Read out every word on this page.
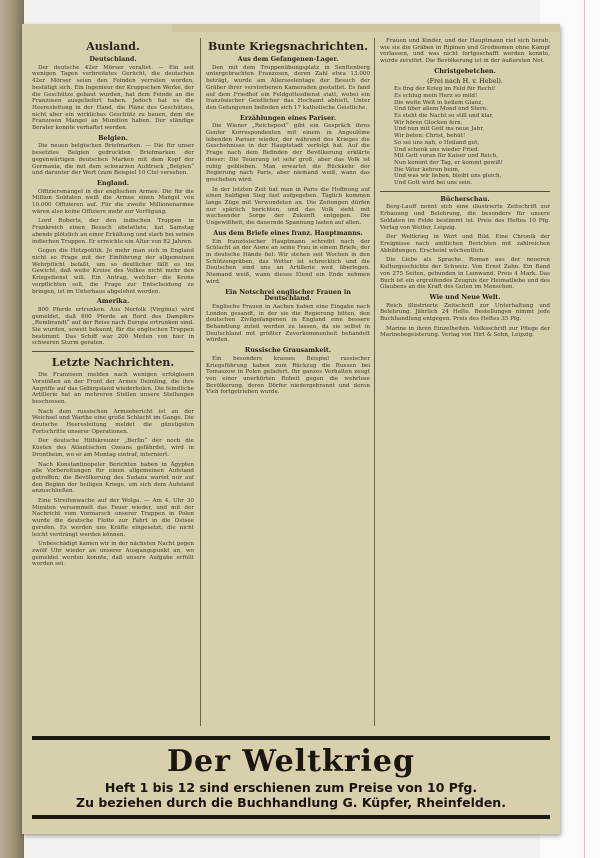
Ausland.
Deutschland.
Der deutsche 42er Mörser veraltet. — Ein seit wenigen Tagen verbreitetes Gerücht, die deutschen 42er Mörser seien den Feinden verraten worden, bestätigt sich. Ein Ingenieur der Kruppschen Werke, der die Geschütze gebaut wurden, hat dem Feinde an die Franzosen ausgeliefert haben. Jedoch hat es die Heeresleitung in der Hand, die Pläne des Geschützes, nicht aber ein wirkliches Geschütz zu bauen, dem die Franzosen Mangel an Munition haben. Der ständige Berater konnte verhaftet werden.
Belgien.
Die neuen belgischen Briefmarken. — Die für unser besetztes Belgien gedruckten Briefmarken der gegenwärtigen deutschen Marken mit dem Kopf der Germania, die mit dem schwarzen Aufdruck „Belgien“ und darunter der Wert (zum Beispiel 10 Cts) versehen.
England.
Offiziersmangel in der englischen Armee. Die für die Million Soldaten weiß die Armee einen Mangel von 10.000 Offizieren auf. Für die zweite Millionenarmee wären also keine Offiziere mehr zur Verfügung.
Lord Roberts, der den indischen Truppen in Frankreich einen Besuch abstattete, hat Samstag abends plötzlich an einer Erkältung und starb bei seinen indischen Truppen. Er erreichte ein Alter von 82 Jahren.
Gegen die Hetzpolitik. Je mehr man sich in England nicht so Frage mit der Einführung der allgemeinen Wehrpflicht befaßt, um so deutlicher fällt es ins Gewicht, daß weite Kreise des Volkes nicht mehr den Kriegsdienst will. Ein Antrag, welcher die Krone verpflichten soll, die Frage zur Entscheidung zu bringen, ist im Unterhaus abgelehnt worden.
Amerika.
800 Pferde ertrunken. Aus Norfolk (Virginia) wird gemeldet, daß 800 Pferde an Bord des Dampfers „Rembrandt“ auf der Reise nach Europa ertrunken sind. Sie wurden, soweit bekannt, für die englischen Truppen bestimmt. Das Schiff war 200 Meilen von hier in schweren Sturm geraten.
Letzte Nachrichten.
Die Franzosen melden nach wenigen erfolglosen Vorstößen an der Front der Armee Deimling, die ihre Angriffe auf das Gebirgsland wiederholen. Die feindliche Artillerie hat an mehreren Stellen unsere Stellungen beschossen.
Nach dem russischen Armeebericht ist an der Weichsel und Warthe eine große Schlacht im Gange. Die deutsche Heeresleitung meldet die günstigsten Fortschritte unserer Operationen.
Der deutsche Hilfskreuzer „Berlin“ der noch die Küsten des Atlantischen Ozeans gefährdet, wird in Drontheim, wo er am Montag eintraf, interniert.
Nach Konstantinopeler Berichten haben in Ägypten alle Vorbereitungen für einen allgemeinen Aufstand getroffen; die Bevölkerung des Sudans wartet nur auf den Beginn der heiligen Kriege, um sich dem Aufstand anzuschließen.
Eine Streifenwache auf der Wolga. — Am 4. Uhr 30 Minuten versammelt das Feuer wieder, und mit der Nachricht vom Vormarsch unserer Truppen in Polen wurde die deutsche Flotte zur Fahrt in die Ostsee gerufen. Es werden uns Kräfte eingesetzt, die nicht leicht verdrängt werden können.
Unbeschädigt kamen wir in der nächsten Nacht gegen zwölf Uhr wieder an unserer Ausgangspunkt an, wo gemeldet werden konnte, daß unsere Aufgabe erfüllt worden sei.
Bunte Kriegsnachrichten.
Aus dem Gefangenen-Lager.
Den mit dem Truppenübungsplatz in Senftenberg untergebrachten Franzosen, deren Zahl etwa 13.000 beträgt, wurde am Allerseelentage der Besuch der Gräber ihrer verstorbenen Kameraden gestattet. Es fand auf dem Friedhof ein Feldgottesdienst statt, wobei ein französischer Geistlicher das Hochamt abhielt. Unter den Gefangenen befinden sich 17 katholische Geistliche.
Erzählungen eines Pariser.
Die Wiener „Reichspost“ gibt ein Gespräch ihres Genfer Korrespondenten mit einem in Angoulême lebenden Pariser wieder, der während des Krieges die Geschehnisse in der Hauptstadt verfolgt hat. Auf die Frage nach dem Befinden der Bevölkerung erklärte dieser: Die Teuerung ist sehr groß, aber das Volk ist ruhig geblieben. Man erwartet die Rückkehr der Regierung nach Paris, aber niemand weiß, wann das geschehen wird.
In der letzten Zeit hat man in Paris die Hoffnung auf einen baldigen Sieg fast aufgegeben. Täglich kommen lange Züge mit Verwundeten an. Die Zeitungen dürfen nur spärlich berichten, und das Volk sieht mit wachsender Sorge der Zukunft entgegen. Die Ungewißheit, die dauernde Spannung lasten auf allen.
Aus dem Briefe eines franz. Hauptmanns.
Ein französischer Hauptmann schreibt nach der Schlacht an der Aisne an seine Frau in einem Briefe, der in deutsche Hände fiel: Wir stehen seit Wochen in den Schützengräben, das Wetter ist schrecklich und die Deutschen sind uns an Artillerie weit überlegen. Niemand weiß, wann dieses Elend ein Ende nehmen wird.
Ein Notschrei englischer Frauen in Deutschland.
Englische Frauen in Aachen haben eine Eingabe nach London gesandt, in der sie die Regierung bitten, den deutschen Zivilgefangenen in England eine bessere Behandlung zuteil werden zu lassen, da sie selbst in Deutschland mit größter Zuvorkommenheit behandelt würden.
Russische Grausamkeit.
Ein besonders krasses Beispiel russischer Kriegsführung haben zum Rückzug die Russen bei Tomaszow in Polen geliefert. Ihr ganzes Verhalten zeugt von einer unerhörten Roheit gegen die wehrlose Bevölkerung, deren Dörfer niedergebrannt und deren Vieh fortgetrieben wurde.
Frauen und Kinder, und der Hauptmann rief sich herab, wie sie die Gräben in Ripinen und Grodnomen ohne Kampf verlassen, und was nicht fortgeschafft werden konnte, wurde zerstört. Die Bevölkerung ist in der äußersten Not.
Christgebetchen.
(Frei nach H. v. Hebel).
Es fing der Krieg im Feld für Recht!
Es schlug mein Herz so mild!
Die weite Welt in hellem Glanz,
Und über allem Mond und Stern.
Es steht die Nacht so still und klar,
Wir hören Glocken fern.
Und nun mit Gott ins neue Jahr,
Wir beten: Christ, behüt!
So sei uns nah, o Heiland gut,
Und schenk uns wieder Fried.
Mit Gott voran für Kaiser und Reich,
Nun kommt der Tag, er kommt gewiß!
Die Väter kehren heim,
Und was wir lieben, bleibt uns gleich,
Und Gott wird bei uns sein.
Bücherschau.
Berg-Lauff nennt sich eine illustrierte Zeitschrift zur Erbauung und Belehrung, die besonders für unsere Soldaten im Felde bestimmt ist. Preis des Heftes 10 Pfg. Verlag von Wetter, Leipzig.
Der Weltkrieg in Wort und Bild. Eine Chronik der Ereignisse nach amtlichen Berichten mit zahlreichen Abbildungen. Erscheint wöchentlich.
Die Liebe als Sprache. Roman aus der neueren Kulturgeschichte der Schweiz. Von Ernst Zahn. Ein Band von 275 Seiten, gebunden in Leinwand. Preis 4 Mark. Das Buch ist ein ergreifendes Zeugnis der Heimatliebe und des Glaubens an die Kraft des Guten im Menschen.
Wie und Neue Welt.
Reich illustrierte Zeitschrift zur Unterhaltung und Belehrung. Jährlich 24 Hefte. Bestellungen nimmt jede Buchhandlung entgegen. Preis des Heftes 35 Pfg.
Marine in ihren Einzelheiten. Volksschrift zur Pflege der Marinebegeisterung. Verlag von Hirt & Sohn, Leipzig.
Der Weltkrieg
Heft 1 bis 12 sind erschienen zum Preise von 10 Pfg.
Zu beziehen durch die Buchhandlung G. Küpfer, Rheinfelden.
